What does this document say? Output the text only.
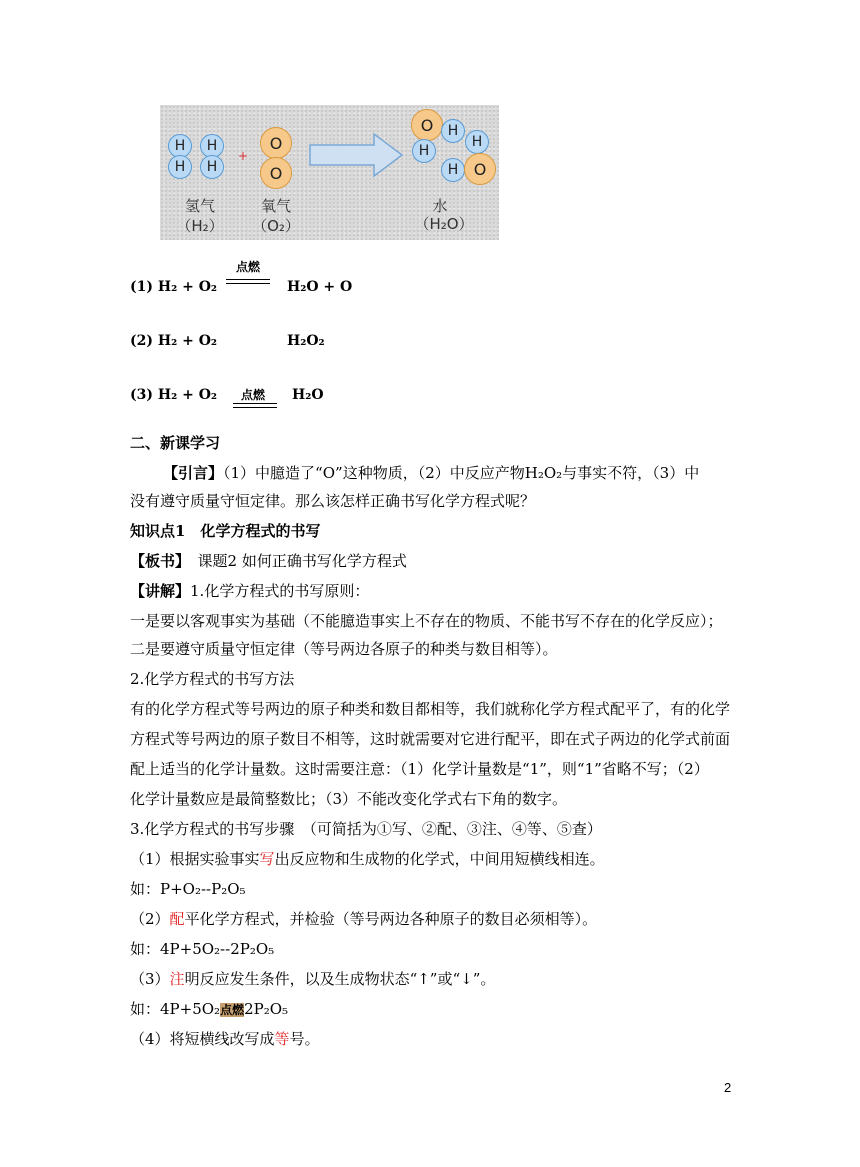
H	H
H	H
+
O
O
O	H
H
H
H O
氢气
（H₂）
氧气
（O₂）
水
（H₂O）
(1) H₂ + O₂
点燃
H₂O + O
(2) H₂ + O₂	H₂O₂
(3) H₂ + O₂ 点燃 H₂O
二、新课学习
【引言】（1）中臆造了“O”这种物质，（2）中反应产物H₂O₂与事实不符，（3）中
没有遵守质量守恒定律。那么该怎样正确书写化学方程式呢？
知识点1　化学方程式的书写
【板书】　课题2 如何正确书写化学方程式
【讲解】1.化学方程式的书写原则：
一是要以客观事实为基础（不能臆造事实上不存在的物质、不能书写不存在的化学反应）；
二是要遵守质量守恒定律（等号两边各原子的种类与数目相等）。
2.化学方程式的书写方法
有的化学方程式等号两边的原子种类和数目都相等，我们就称化学方程式配平了，有的化学
方程式等号两边的原子数目不相等，这时就需要对它进行配平，即在式子两边的化学式前面
配上适当的化学计量数。这时需要注意：（1）化学计量数是“1”，则“1”省略不写；（2）
化学计量数应是最简整数比；（3）不能改变化学式右下角的数字。
3.化学方程式的书写步骤　（可简括为①写、②配、③注、④等、⑤查）
（1）根据实验事实写出反应物和生成物的化学式，中间用短横线相连。
如：P+O₂--P₂O₅
（2）配平化学方程式，并检验（等号两边各种原子的数目必须相等）。
如：4P+5O₂--2P₂O₅
（3）注明反应发生条件，以及生成物状态“↑”或“↓”。
如：4P+5O₂点燃2P₂O₅
（4）将短横线改写成等号。
2
